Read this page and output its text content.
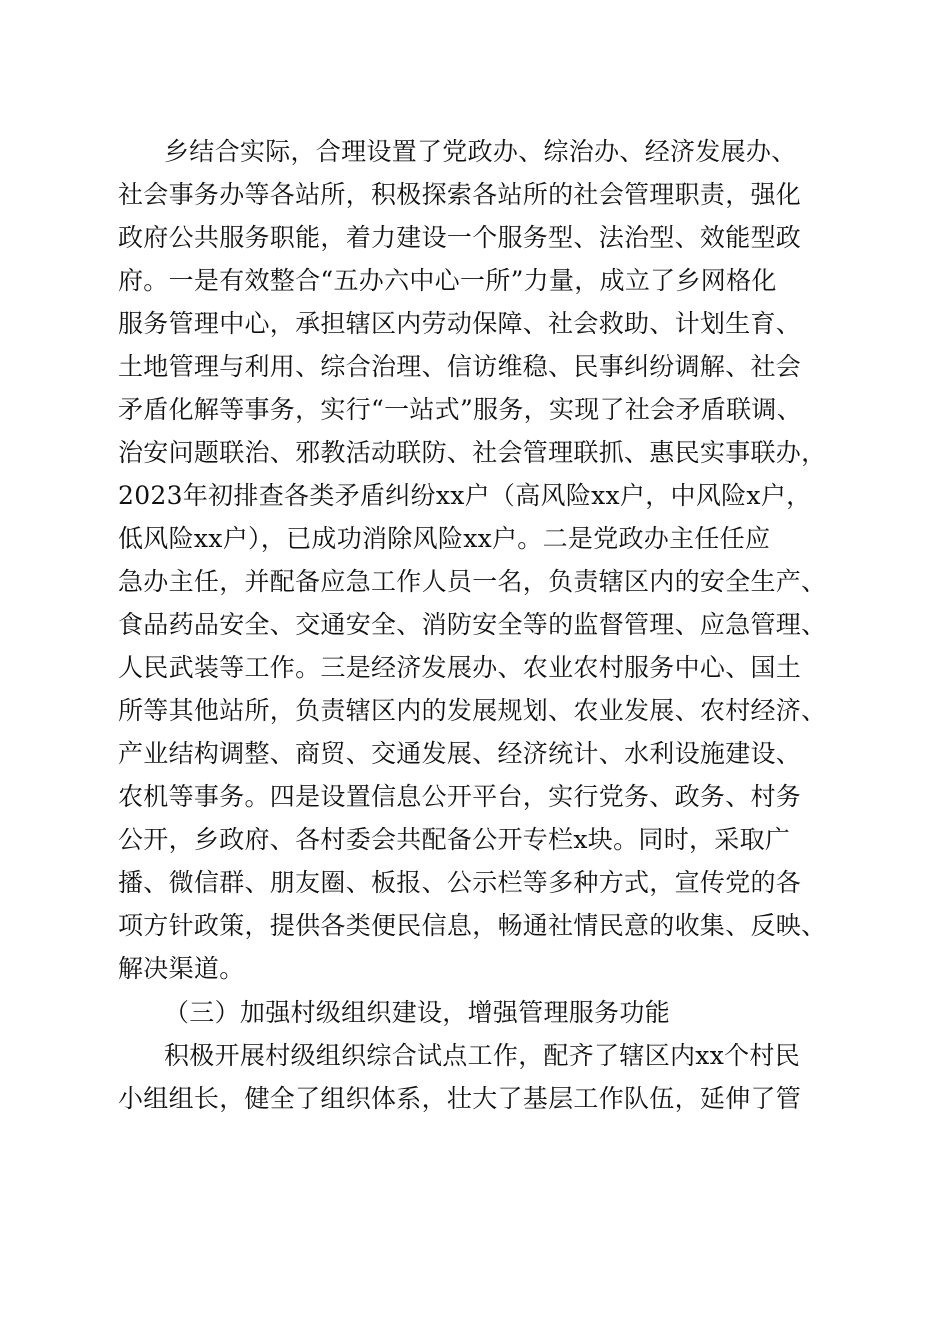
乡结合实际，合理设置了党政办、综治办、经济发展办、
社会事务办等各站所，积极探索各站所的社会管理职责，强化
政府公共服务职能，着力建设一个服务型、法治型、效能型政
府。一是有效整合“五办六中心一所”力量，成立了乡网格化
服务管理中心，承担辖区内劳动保障、社会救助、计划生育、
土地管理与利用、综合治理、信访维稳、民事纠纷调解、社会
矛盾化解等事务，实行“一站式”服务，实现了社会矛盾联调、
治安问题联治、邪教活动联防、社会管理联抓、惠民实事联办，
2023年初排查各类矛盾纠纷xx户（高风险xx户，中风险x户，
低风险xx户），已成功消除风险xx户。二是党政办主任任应
急办主任，并配备应急工作人员一名，负责辖区内的安全生产、
食品药品安全、交通安全、消防安全等的监督管理、应急管理、
人民武装等工作。三是经济发展办、农业农村服务中心、国土
所等其他站所，负责辖区内的发展规划、农业发展、农村经济、
产业结构调整、商贸、交通发展、经济统计、水利设施建设、
农机等事务。四是设置信息公开平台，实行党务、政务、村务
公开，乡政府、各村委会共配备公开专栏x块。同时，采取广
播、微信群、朋友圈、板报、公示栏等多种方式，宣传党的各
项方针政策，提供各类便民信息，畅通社情民意的收集、反映、
解决渠道。
（三）加强村级组织建设，增强管理服务功能
积极开展村级组织综合试点工作，配齐了辖区内xx个村民
小组组长，健全了组织体系，壮大了基层工作队伍，延伸了管
